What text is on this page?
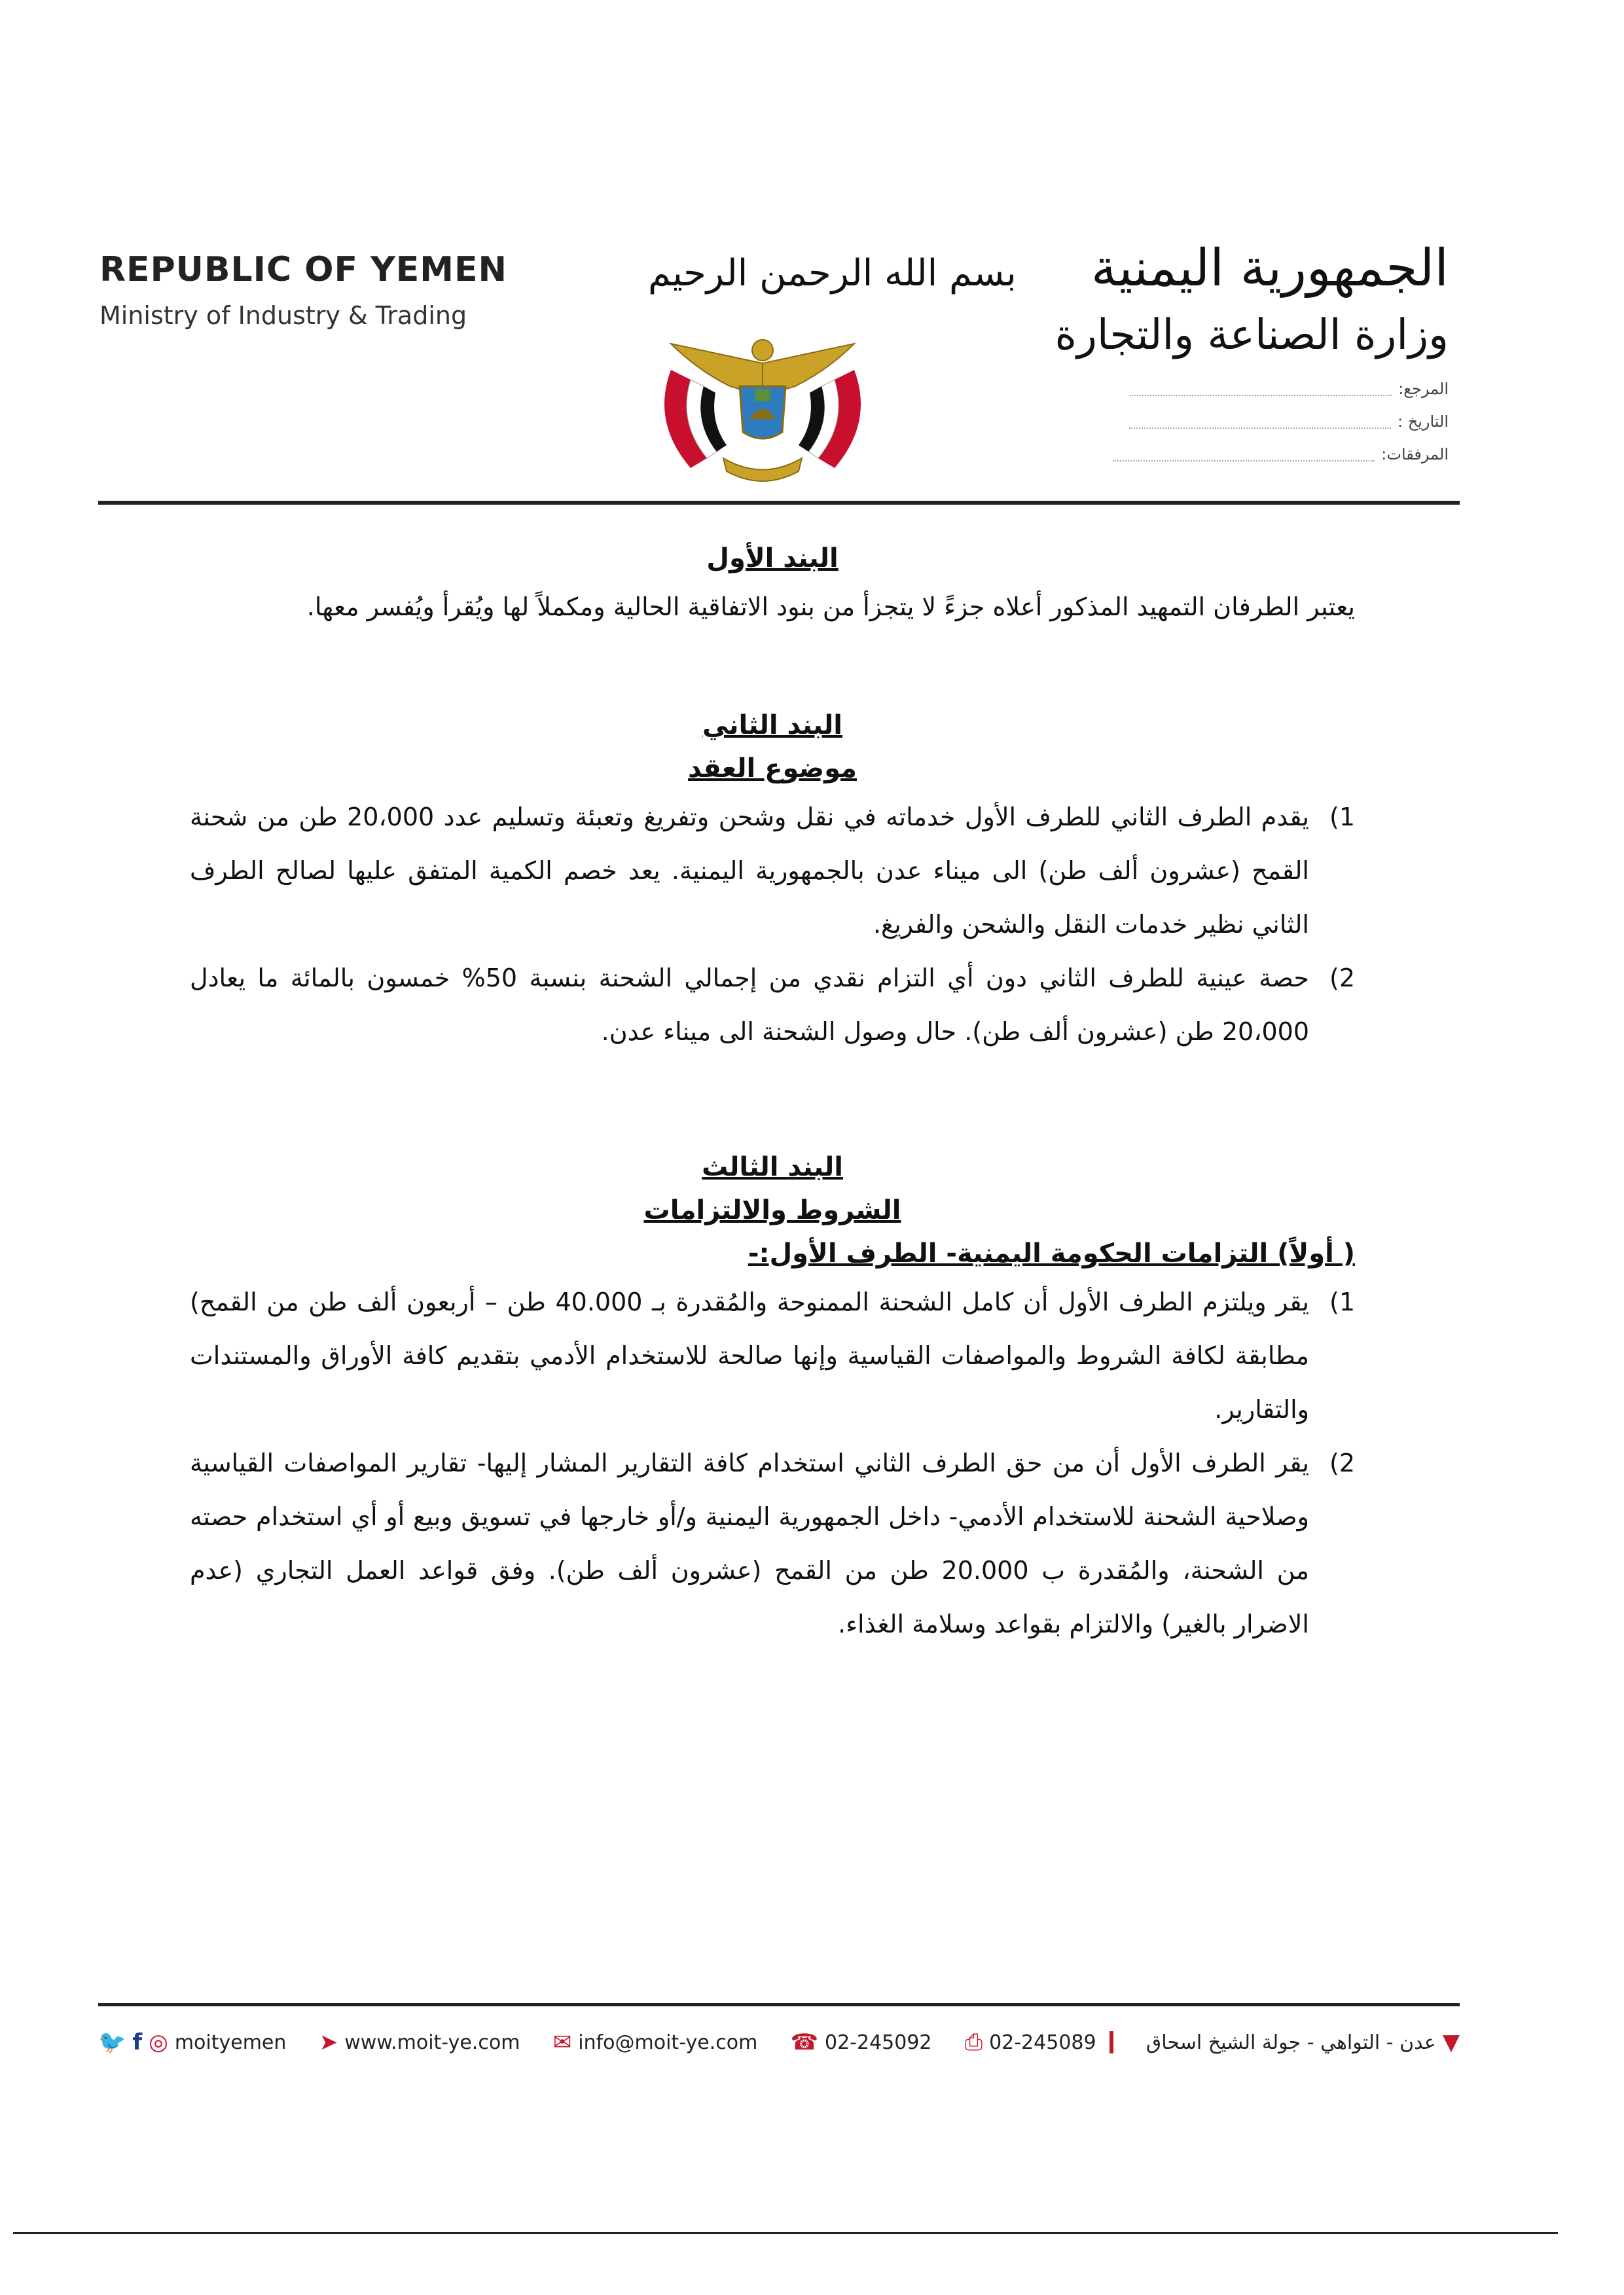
REPUBLIC OF YEMEN
Ministry of Industry & Trading
بسم الله الرحمن الرحيم الجمهورية اليمنية
وزارة الصناعة والتجارة
المرجع:
التاريخ :
المرفقات:
البند الأول
يعتبر الطرفان التمهيد المذكور أعلاه جزءً لا يتجزأ من بنود الاتفاقية الحالية ومكملاً لها ويُقرأ ويُفسر معها.
البند الثاني
موضوع العقد
1)
يقدم الطرف الثاني للطرف الأول خدماته في نقل وشحن وتفريغ وتعبئة وتسليم عدد 20،000 طن من شحنة القمح (عشرون ألف طن) الى ميناء عدن بالجمهورية اليمنية. يعد خصم الكمية المتفق عليها لصالح الطرف الثاني نظير خدمات النقل والشحن والفريغ.
2)
حصة عينية للطرف الثاني دون أي التزام نقدي من إجمالي الشحنة بنسبة 50% خمسون بالمائة ما يعادل 20،000 طن (عشرون ألف طن). حال وصول الشحنة الى ميناء عدن.
البند الثالث
الشروط والالتزامات
( أولاً) التزامات الحكومة اليمنية- الطرف الأول:-
1)
يقر ويلتزم الطرف الأول أن كامل الشحنة الممنوحة والمُقدرة بـ 40.000 طن – أربعون ألف طن من القمح) مطابقة لكافة الشروط والمواصفات القياسية وإنها صالحة للاستخدام الأدمي بتقديم كافة الأوراق والمستندات والتقارير.
2)
يقر الطرف الأول أن من حق الطرف الثاني استخدام كافة التقارير المشار إليها- تقارير المواصفات القياسية وصلاحية الشحنة للاستخدام الأدمي- داخل الجمهورية اليمنية و/أو خارجها في تسويق وبيع أو أي استخدام حصته من الشحنة، والمُقدرة ب 20.000 طن من القمح (عشرون ألف طن). وفق قواعد العمل التجاري (عدم الاضرار بالغير) والالتزام بقواعد وسلامة الغذاء.
🐦 f ◎ moityemen ➤ www.moit-ye.com ✉ info@moit-ye.com ☎ 02-245092 ⎙ 02-245089	▼
عدن - التواهي - جولة الشيخ اسحاق
